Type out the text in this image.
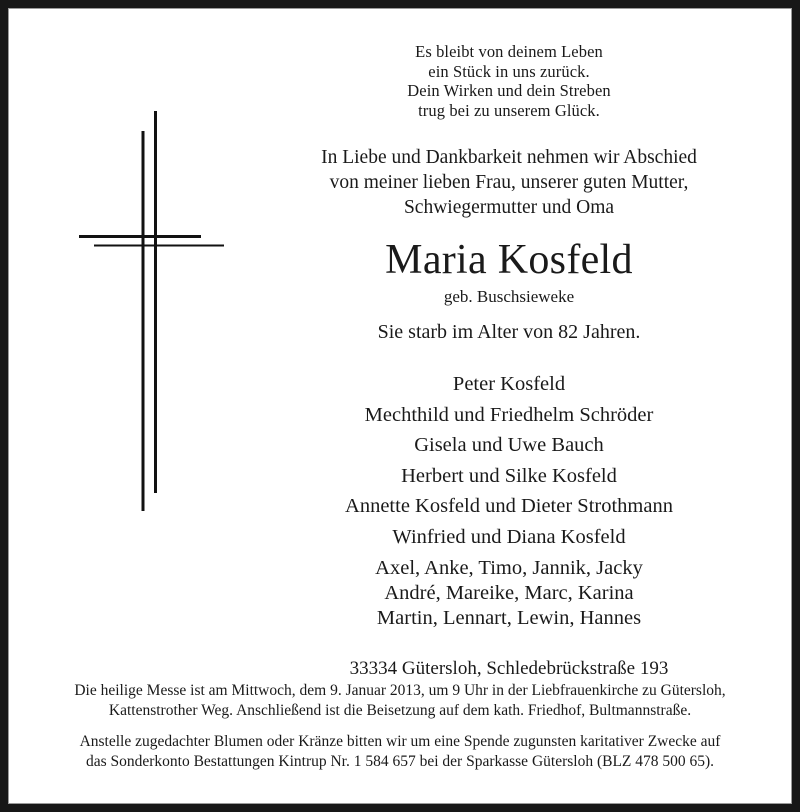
Es bleibt von deinem Leben
ein Stück in uns zurück.
Dein Wirken und dein Streben
trug bei zu unserem Glück.
In Liebe und Dankbarkeit nehmen wir Abschied
von meiner lieben Frau, unserer guten Mutter,
Schwiegermutter und Oma
Maria Kosfeld
geb. Buschsieweke
Sie starb im Alter von 82 Jahren.
Peter Kosfeld
Mechthild und Friedhelm Schröder
Gisela und Uwe Bauch
Herbert und Silke Kosfeld
Annette Kosfeld und Dieter Strothmann
Winfried und Diana Kosfeld
Axel, Anke, Timo, Jannik, Jacky
André, Mareike, Marc, Karina
Martin, Lennart, Lewin, Hannes
33334 Gütersloh, Schledebrückstraße 193
Die heilige Messe ist am Mittwoch, dem 9. Januar 2013, um 9 Uhr in der Liebfrauenkirche zu Gütersloh,
Kattenstrother Weg. Anschließend ist die Beisetzung auf dem kath. Friedhof, Bultmannstraße.
Anstelle zugedachter Blumen oder Kränze bitten wir um eine Spende zugunsten karitativer Zwecke auf
das Sonderkonto Bestattungen Kintrup Nr. 1 584 657 bei der Sparkasse Gütersloh (BLZ 478 500 65).
